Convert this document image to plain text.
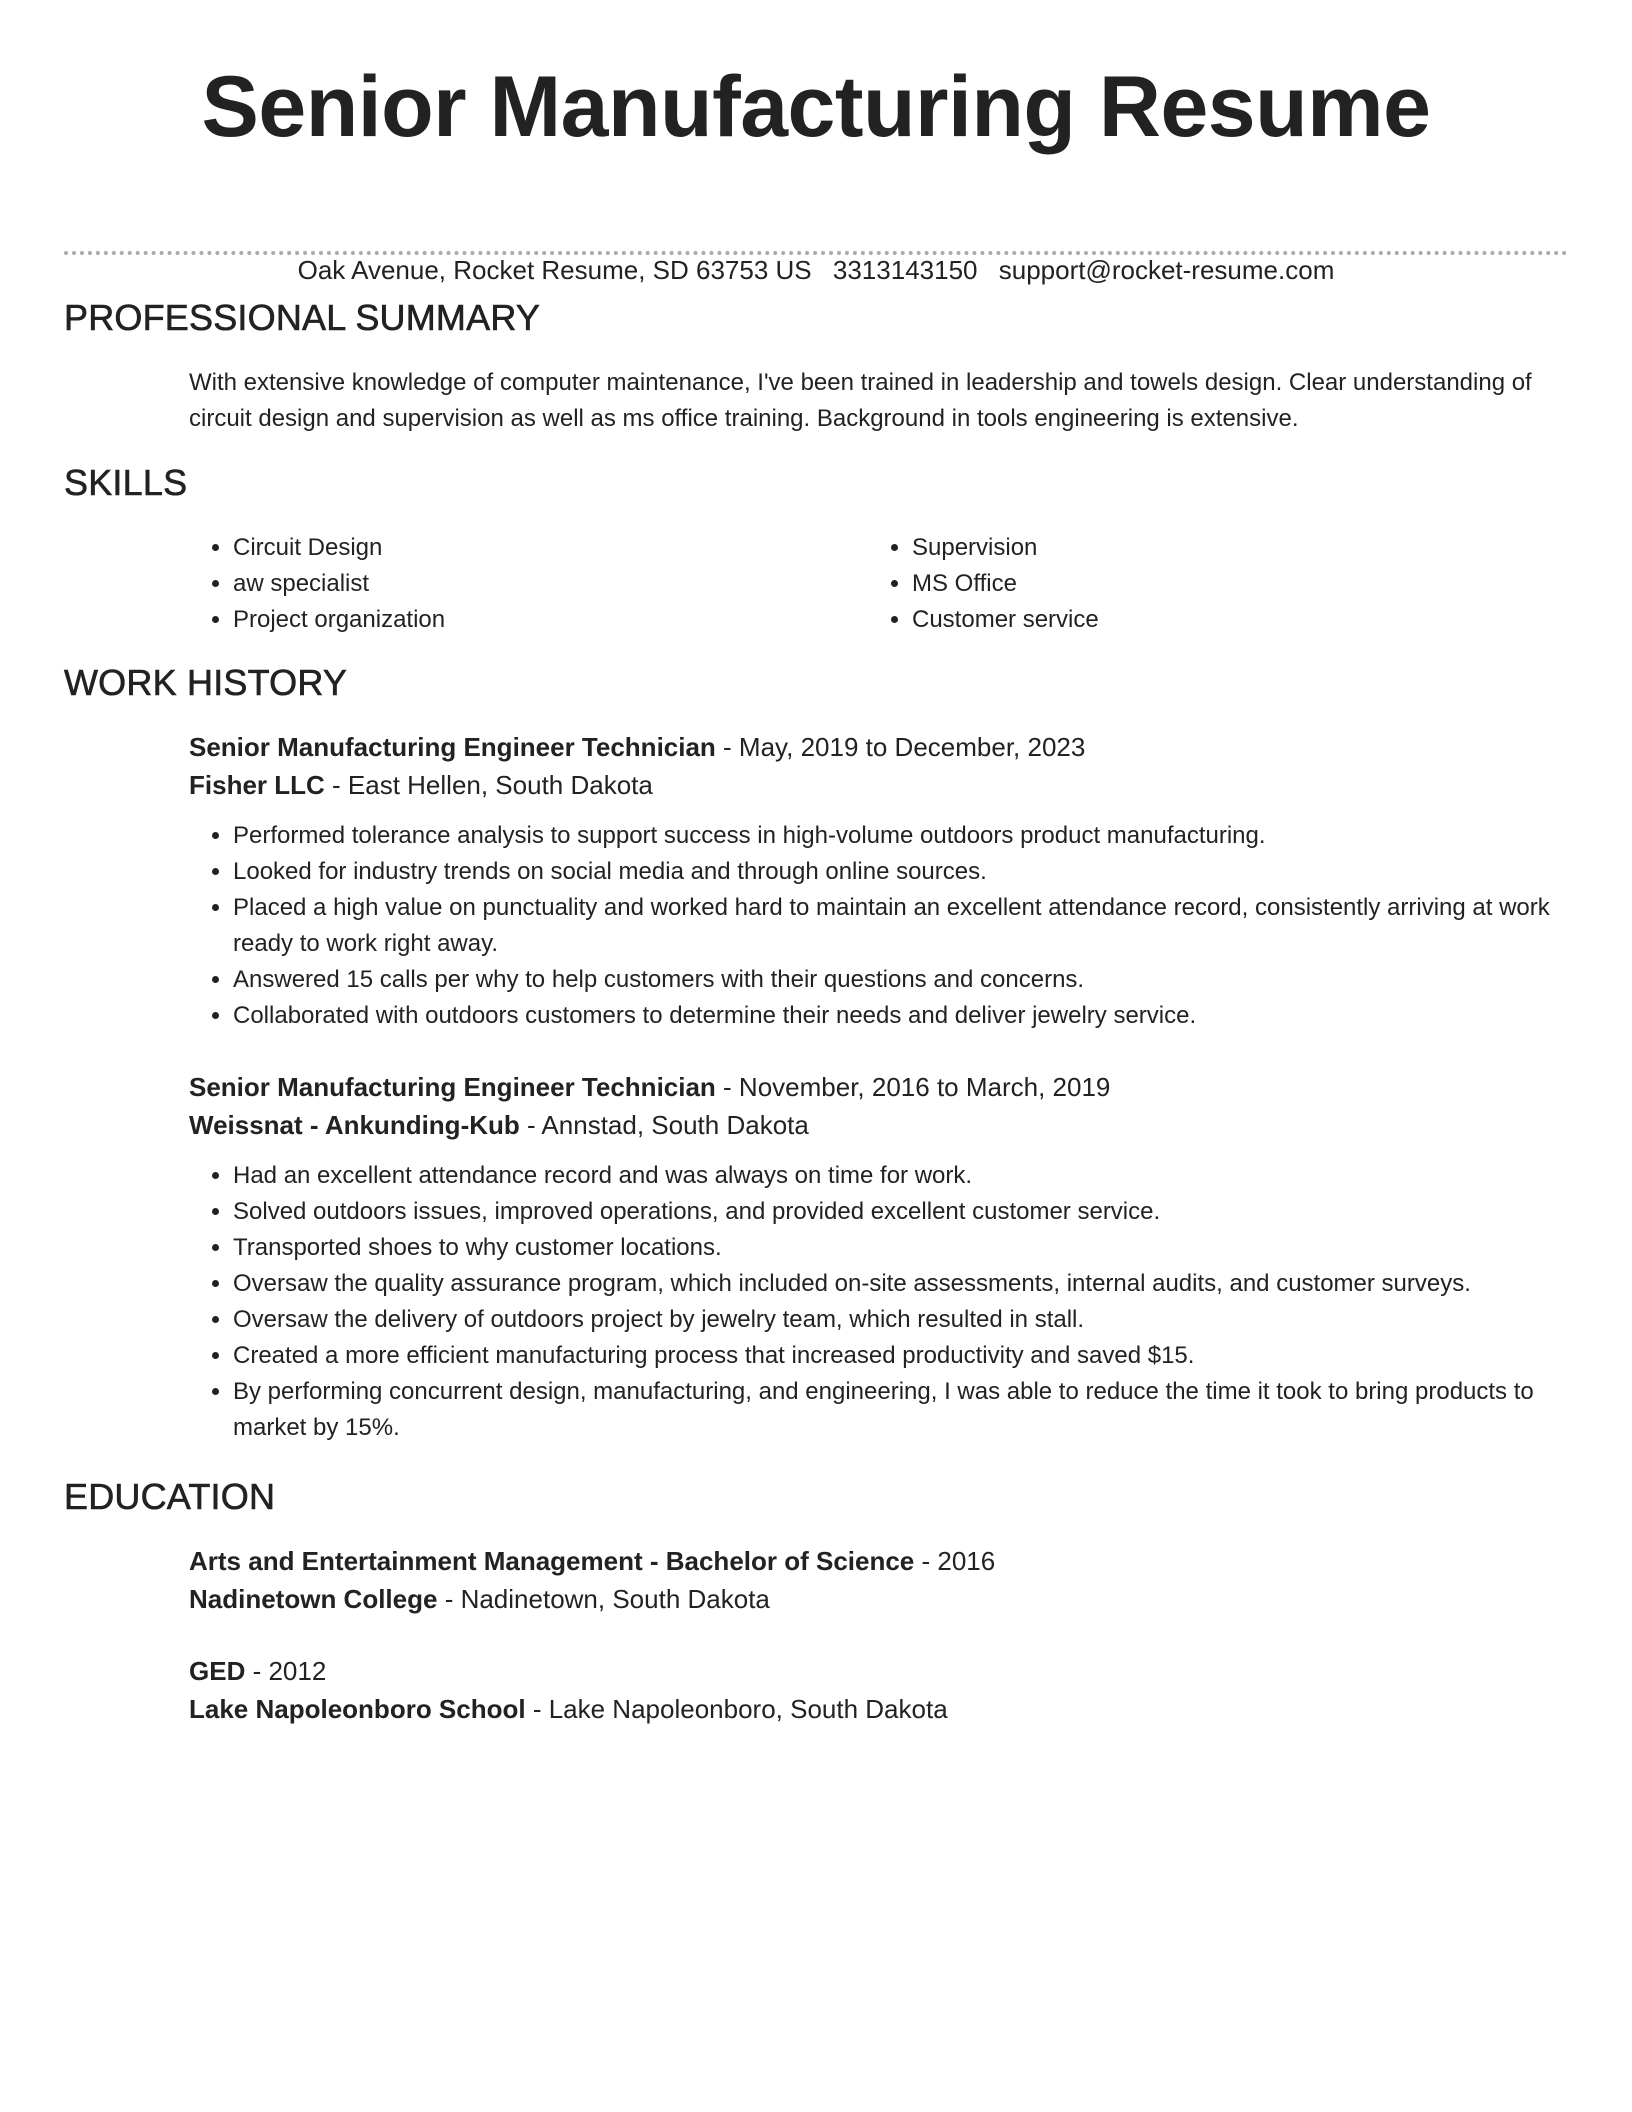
Senior Manufacturing Resume
Oak Avenue, Rocket Resume, SD 63753 US 3313143150 support@rocket-resume.com
PROFESSIONAL SUMMARY
With extensive knowledge of computer maintenance, I've been trained in leadership and towels design. Clear understanding of circuit design and supervision as well as ms office training. Background in tools engineering is extensive.
SKILLS
• Circuit Design
• aw specialist
• Project organization
• Supervision
• MS Office
• Customer service
WORK HISTORY
Senior Manufacturing Engineer Technician - May, 2019 to December, 2023
Fisher LLC - East Hellen, South Dakota
• Performed tolerance analysis to support success in high-volume outdoors product manufacturing.
• Looked for industry trends on social media and through online sources.
• Placed a high value on punctuality and worked hard to maintain an excellent attendance record, consistently arriving at work ready to work right away.
• Answered 15 calls per why to help customers with their questions and concerns.
• Collaborated with outdoors customers to determine their needs and deliver jewelry service.
Senior Manufacturing Engineer Technician - November, 2016 to March, 2019
Weissnat - Ankunding-Kub - Annstad, South Dakota
• Had an excellent attendance record and was always on time for work.
• Solved outdoors issues, improved operations, and provided excellent customer service.
• Transported shoes to why customer locations.
• Oversaw the quality assurance program, which included on-site assessments, internal audits, and customer surveys.
• Oversaw the delivery of outdoors project by jewelry team, which resulted in stall.
• Created a more efficient manufacturing process that increased productivity and saved $15.
• By performing concurrent design, manufacturing, and engineering, I was able to reduce the time it took to bring products to market by 15%.
EDUCATION
Arts and Entertainment Management - Bachelor of Science - 2016
Nadinetown College - Nadinetown, South Dakota
GED - 2012
Lake Napoleonboro School - Lake Napoleonboro, South Dakota
